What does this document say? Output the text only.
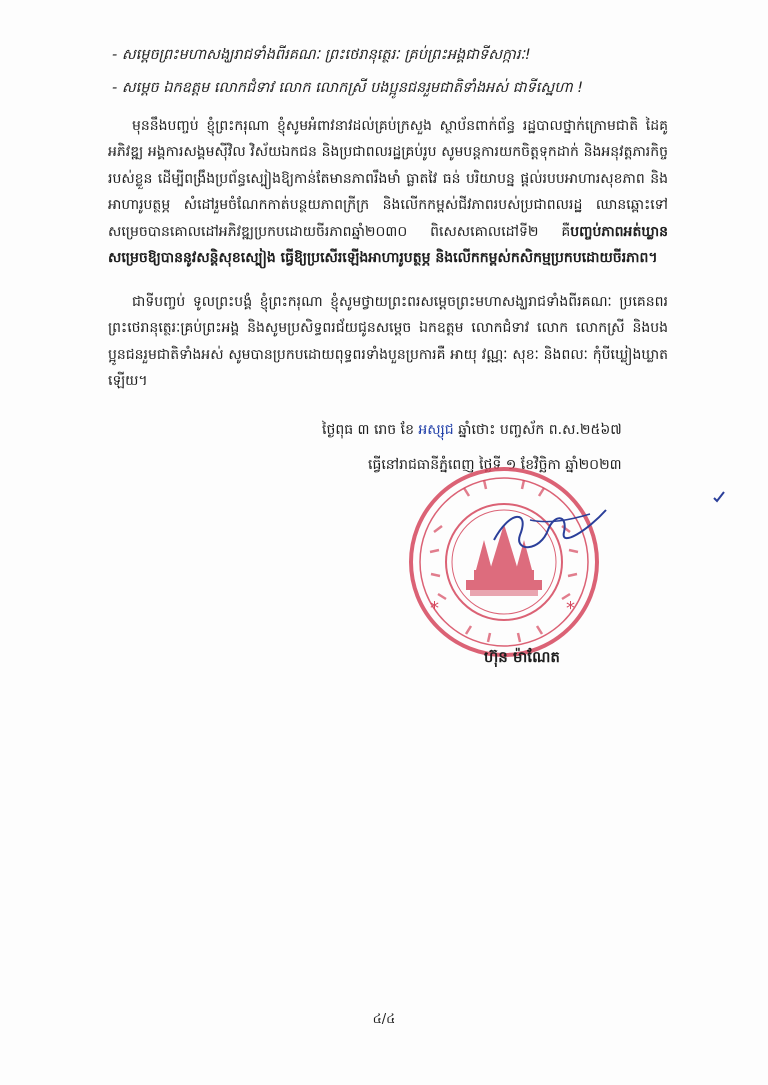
- សម្ដេចព្រះមហាសង្ឃរាជទាំងពីរគណៈ ព្រះថេរានុត្ថេរៈ គ្រប់ព្រះអង្គជាទីសក្ការៈ!
- សម្ដេច ឯកឧត្ដម លោកជំទាវ លោក លោកស្រី បងប្អូនជនរួមជាតិទាំងអស់ ជាទីស្នេហា !
មុននឹងបញ្ចប់ ខ្ញុំព្រះករុណា ខ្ញុំសូមអំពាវនាវដល់គ្រប់ក្រសួង ស្ថាប័នពាក់ព័ន្ធ រដ្ឋបាលថ្នាក់ក្រោមជាតិ ដៃគូអភិវឌ្ឍ អង្គការសង្គមស៊ីវិល វិស័យឯកជន និងប្រជាពលរដ្ឋគ្រប់រូប សូមបន្តការយកចិត្តទុកដាក់ និងអនុវត្តភារកិច្ចរបស់ខ្លួន ដើម្បីពង្រឹងប្រព័ន្ធស្បៀងឱ្យកាន់តែមានភាពរឹងមាំ ធ្លាតវៃ ធន់ បរិយាបន្ន ផ្ដល់របបអាហារសុខភាព និងអាហារូបត្ថម្ភ សំដៅរួមចំណែកកាត់បន្ថយភាពក្រីក្រ និងលើកកម្ពស់ជីវភាពរបស់ប្រជាពលរដ្ឋ ឈានឆ្ពោះទៅសម្រេចបានគោលដៅអភិវឌ្ឍប្រកបដោយចីរភាពឆ្នាំ២០៣០ ពិសេសគោលដៅទី២ គឺបញ្ចប់ភាពអត់ឃ្លាន សម្រេចឱ្យបាននូវសន្តិសុខស្បៀង ធ្វើឱ្យប្រសើរឡើងអាហារូបត្ថម្ភ និងលើកកម្ពស់កសិកម្មប្រកបដោយចីរភាព។
ជាទីបញ្ចប់ ទូលព្រះបង្គំ ខ្ញុំព្រះករុណា ខ្ញុំសូមថ្វាយព្រះពរសម្ដេចព្រះមហាសង្ឃរាជទាំងពីរគណៈ ប្រគេនពរព្រះថេរានុត្ថេរៈគ្រប់ព្រះអង្គ និងសូមប្រសិទ្ធពរជ័យជូនសម្ដេច ឯកឧត្ដម លោកជំទាវ លោក លោកស្រី និងបងប្អូនជនរួមជាតិទាំងអស់ សូមបានប្រកបដោយពុទ្ធពរទាំងបួនប្រការគឺ អាយុ វណ្ណៈ សុខៈ និងពលៈ កុំបីឃ្លៀងឃ្លាតឡើយ។
ថ្ងៃពុធ ៣ រោច ខែ អស្សុជ ឆ្នាំថោះ បញ្ចស័ក ព.ស.២៥៦៧
ធ្វើនៅរាជធានីភ្នំពេញ ថ្ងៃទី ១ ខែវិច្ឆិកា ឆ្នាំ២០២៣
*	*
ហ៊ុន ម៉ាណែត
៤/៤
